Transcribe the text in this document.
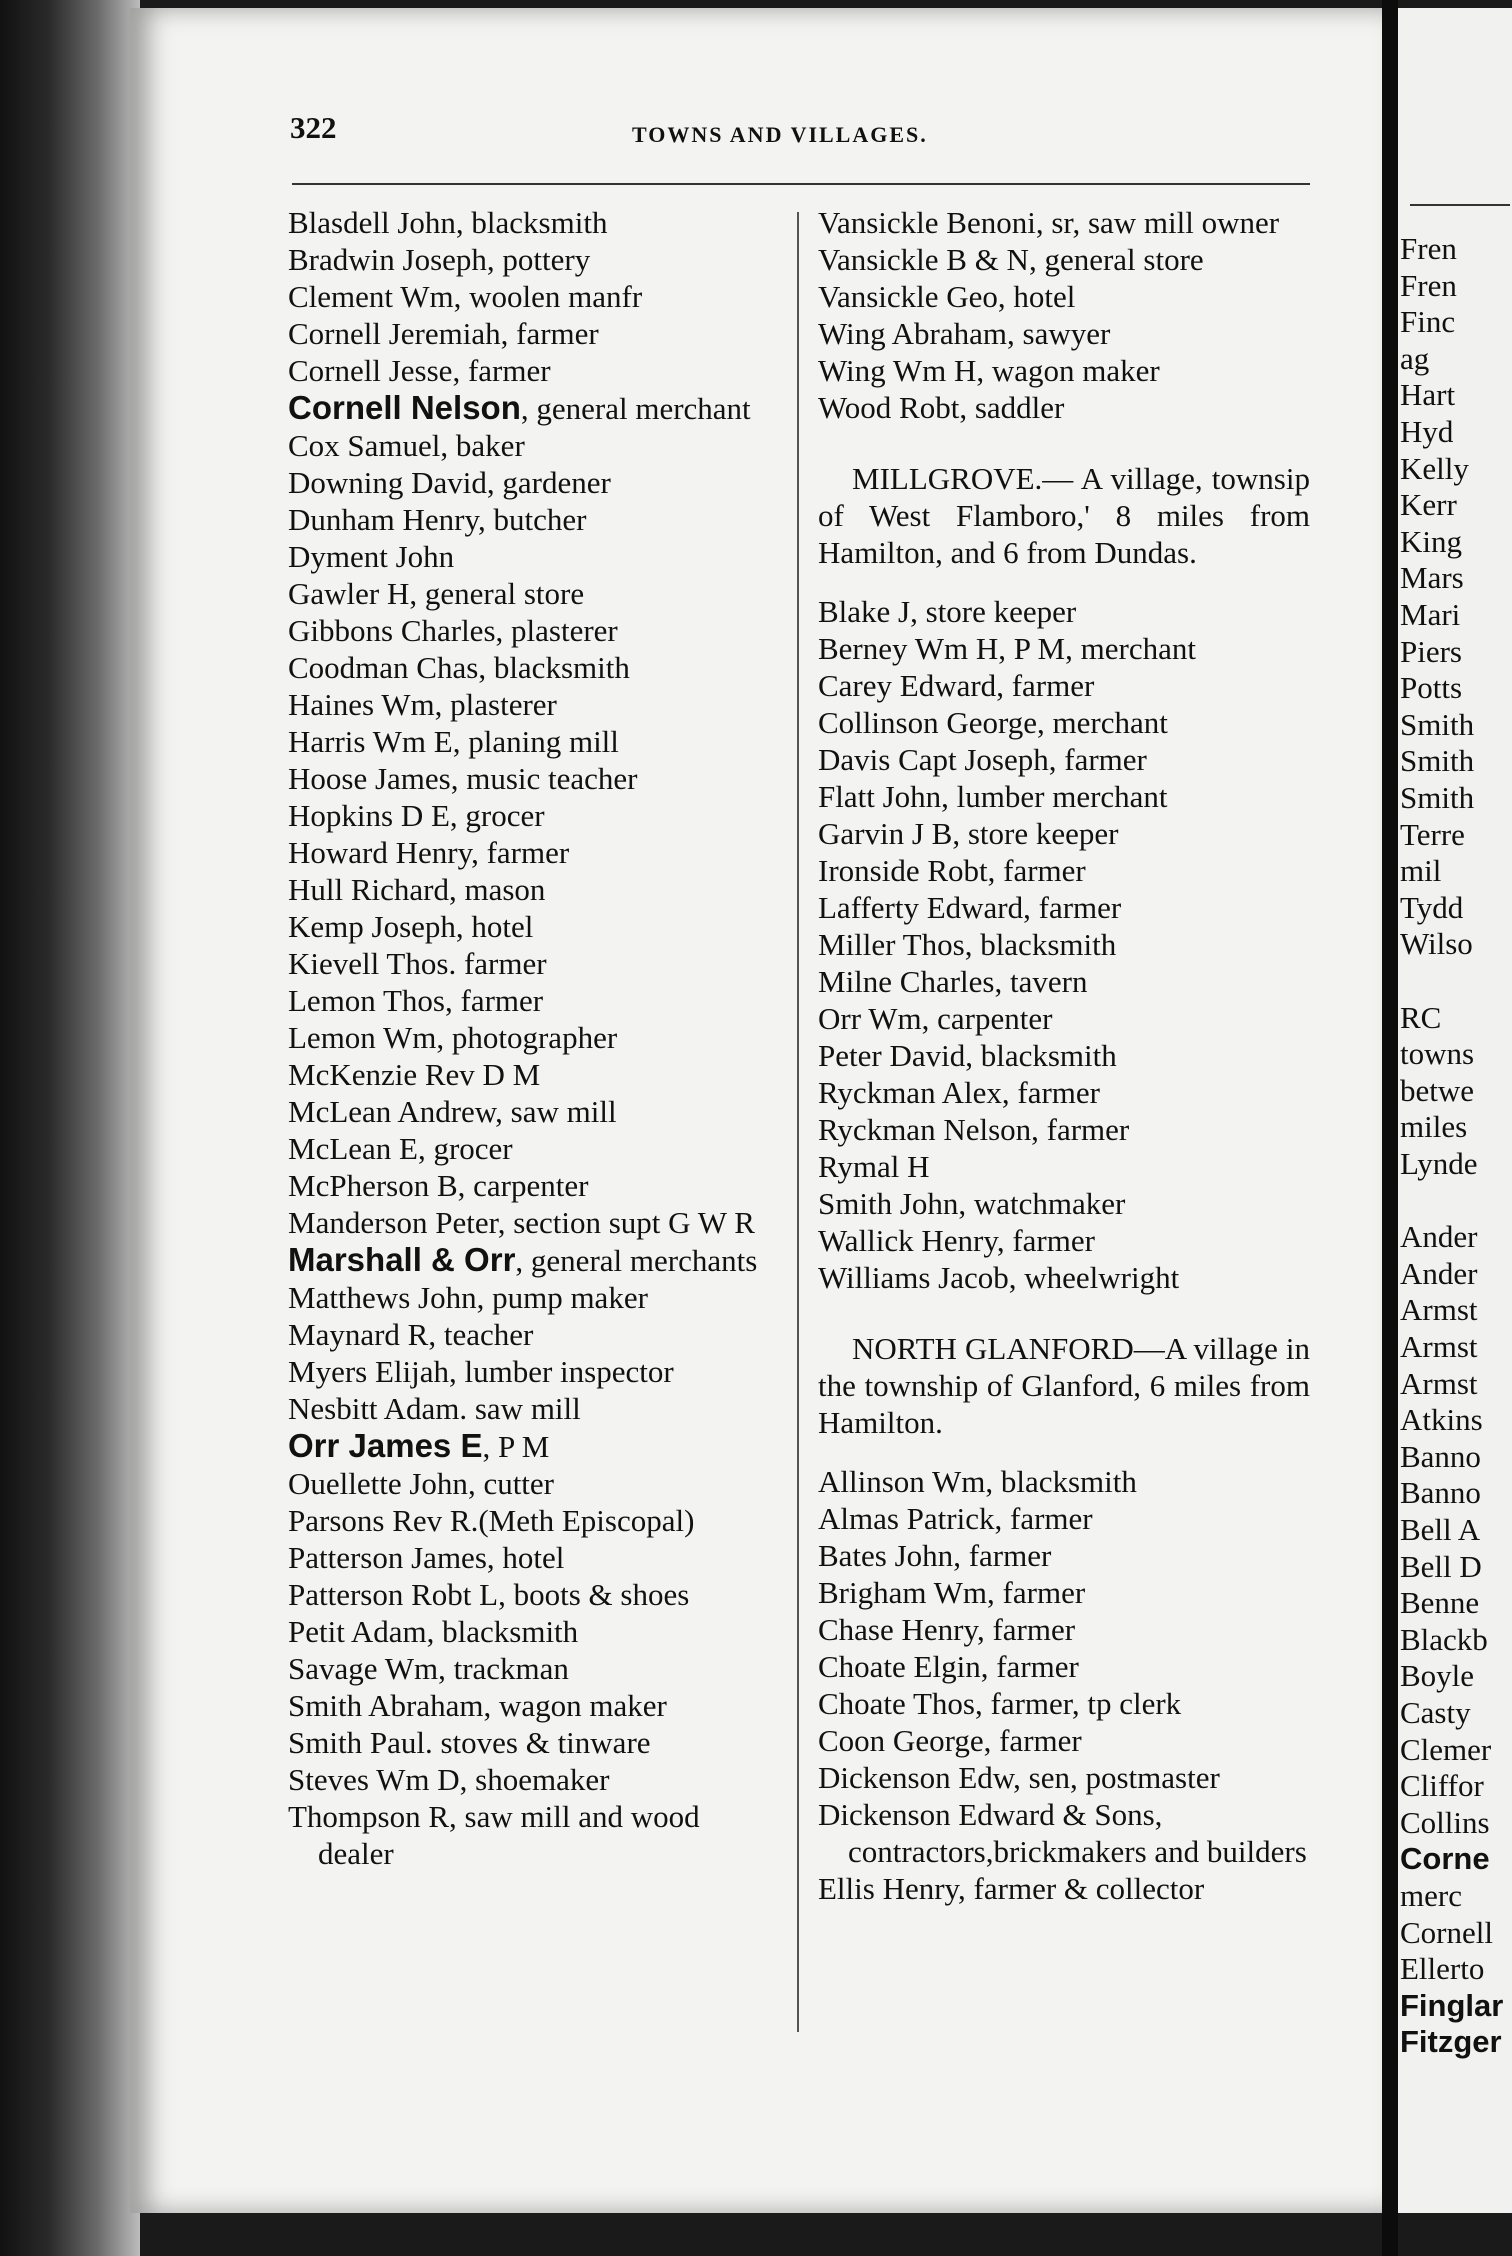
322	TOWNS AND VILLAGES.
Blasdell John, blacksmith
Bradwin Joseph, pottery
Clement Wm, woolen manfr
Cornell Jeremiah, farmer
Cornell Jesse, farmer
Cornell Nelson, general merchant
Cox Samuel, baker
Downing David, gardener
Dunham Henry, butcher
Dyment John
Gawler H, general store
Gibbons Charles, plasterer
Coodman Chas, blacksmith
Haines Wm, plasterer
Harris Wm E, planing mill
Hoose James, music teacher
Hopkins D E, grocer
Howard Henry, farmer
Hull Richard, mason
Kemp Joseph, hotel
Kievell Thos. farmer
Lemon Thos, farmer
Lemon Wm, photographer
McKenzie Rev D M
McLean Andrew, saw mill
McLean E, grocer
McPherson B, carpenter
Manderson Peter, section supt G W R
Marshall & Orr, general merchants
Matthews John, pump maker
Maynard R, teacher
Myers Elijah, lumber inspector
Nesbitt Adam. saw mill
Orr James E, P M
Ouellette John, cutter
Parsons Rev R.(Meth Episcopal)
Patterson James, hotel
Patterson Robt L, boots & shoes
Petit Adam, blacksmith
Savage Wm, trackman
Smith Abraham, wagon maker
Smith Paul. stoves & tinware
Steves Wm D, shoemaker
Thompson R, saw mill and wood dealer
Vansickle Benoni, sr, saw mill owner
Vansickle B & N, general store
Vansickle Geo, hotel
Wing Abraham, sawyer
Wing Wm H, wagon maker
Wood Robt, saddler
MILLGROVE.— A village, townsip of West Flamboro,' 8 miles from Hamilton, and 6 from Dundas.
Blake J, store keeper
Berney Wm H, P M, merchant
Carey Edward, farmer
Collinson George, merchant
Davis Capt Joseph, farmer
Flatt John, lumber merchant
Garvin J B, store keeper
Ironside Robt, farmer
Lafferty Edward, farmer
Miller Thos, blacksmith
Milne Charles, tavern
Orr Wm, carpenter
Peter David, blacksmith
Ryckman Alex, farmer
Ryckman Nelson, farmer
Rymal H
Smith John, watchmaker
Wallick Henry, farmer
Williams Jacob, wheelwright
NORTH GLANFORD—A village in the township of Glanford, 6 miles from Hamilton.
Allinson Wm, blacksmith
Almas Patrick, farmer
Bates John, farmer
Brigham Wm, farmer
Chase Henry, farmer
Choate Elgin, farmer
Choate Thos, farmer, tp clerk
Coon George, farmer
Dickenson Edw, sen, postmaster
Dickenson Edward & Sons, contractors,brickmakers and builders
Ellis Henry, farmer & collector
Fren
Fren
Finc
ag
Hart
Hyd
Kelly
Kerr
King
Mars
Mari
Piers
Potts
Smith
Smith
Smith
Terre
mil
Tydd
Wilso
RC
towns
betwe
miles
Lynde
Ander
Ander
Armst
Armst
Armst
Atkins
Banno
Banno
Bell A
Bell D
Benne
Blackb
Boyle
Casty
Clemer
Cliffor
Collins
Corne
merc
Cornell
Ellerto
Finglar
Fitzger
